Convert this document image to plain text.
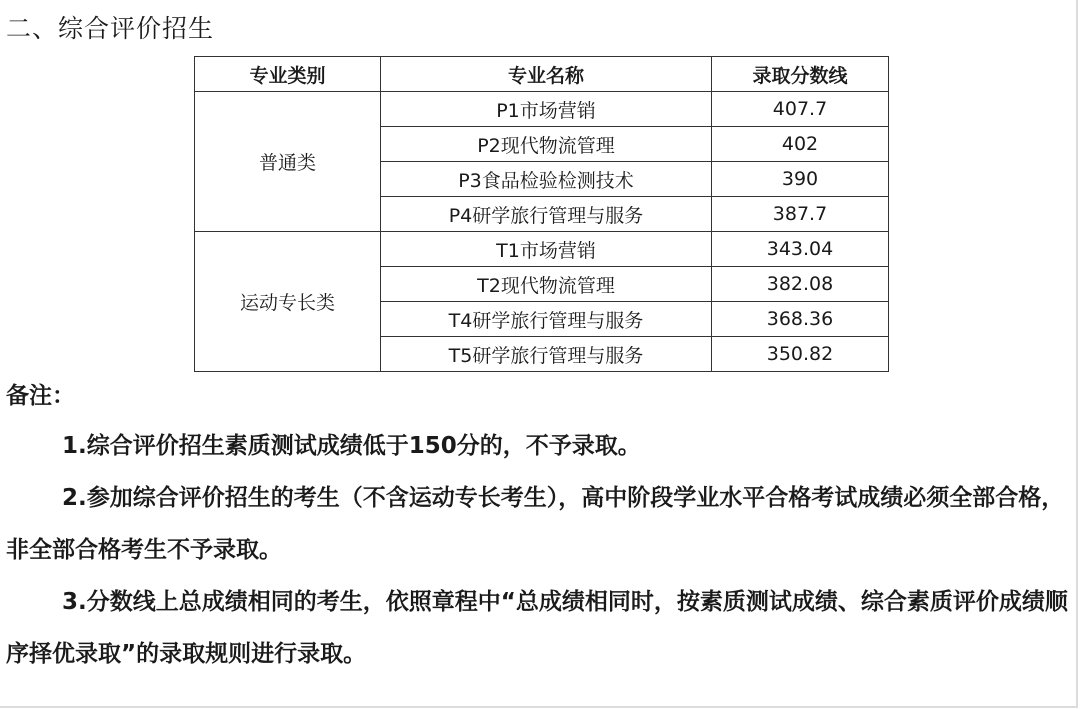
二、综合评价招生
专业类别	专业名称	录取分数线
普通类	P1市场营销	407.7
	P2现代物流管理	402
	P3食品检验检测技术	390
	P4研学旅行管理与服务	387.7
运动专长类	T1市场营销	343.04
	T2现代物流管理	382.08
	T4研学旅行管理与服务	368.36
	T5研学旅行管理与服务	350.82
备注：

1.综合评价招生素质测试成绩低于150分的，不予录取。

2.参加综合评价招生的考生（不含运动专长考生），高中阶段学业水平合格考试成绩必须全部合格，非全部合格考生不予录取。

3.分数线上总成绩相同的考生，依照章程中“总成绩相同时，按素质测试成绩、综合素质评价成绩顺序择优录取”的录取规则进行录取。
